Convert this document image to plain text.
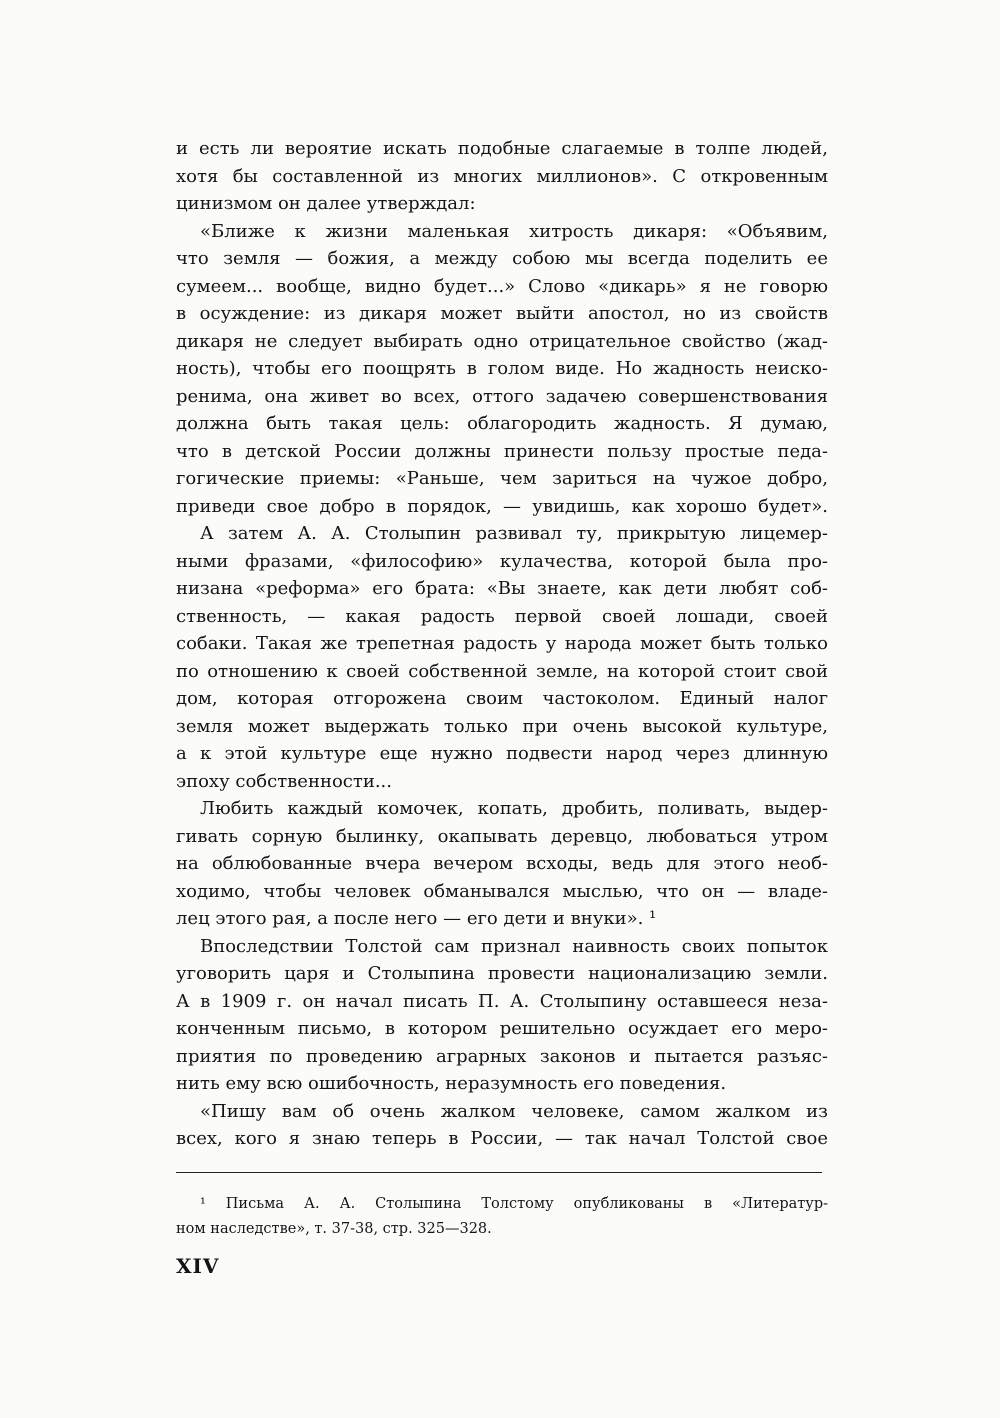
и есть ли вероятие искать подобные слагаемые в толпе людей,
хотя бы составленной из многих миллионов». С откровенным
цинизмом он далее утверждал:
«Ближе к жизни маленькая хитрость дикаря: «Объявим,
что земля — божия, а между собою мы всегда поделить ее
сумеем... вообще, видно будет...» Слово «дикарь» я не говорю
в осуждение: из дикаря может выйти апостол, но из свойств
дикаря не следует выбирать одно отрицательное свойство (жад-
ность), чтобы его поощрять в голом виде. Но жадность неиско-
ренима, она живет во всех, оттого задачею совершенствования
должна быть такая цель: облагородить жадность. Я думаю,
что в детской России должны принести пользу простые педа-
гогические приемы: «Раньше, чем зариться на чужое добро,
приведи свое добро в порядок, — увидишь, как хорошо будет».
А затем А. А. Столыпин развивал ту, прикрытую лицемер-
ными фразами, «философию» кулачества, которой была про-
низана «реформа» его брата: «Вы знаете, как дети любят соб-
ственность, — какая радость первой своей лошади, своей
собаки. Такая же трепетная радость у народа может быть только
по отношению к своей собственной земле, на которой стоит свой
дом, которая отгорожена своим частоколом. Единый налог
земля может выдержать только при очень высокой культуре,
а к этой культуре еще нужно подвести народ через длинную
эпоху собственности...
Любить каждый комочек, копать, дробить, поливать, выдер-
гивать сорную былинку, окапывать деревцо, любоваться утром
на облюбованные вчера вечером всходы, ведь для этого необ-
ходимо, чтобы человек обманывался мыслью, что он — владе-
лец этого рая, а после него — его дети и внуки». ¹
Впоследствии Толстой сам признал наивность своих попыток
уговорить царя и Столыпина провести национализацию земли.
А в 1909 г. он начал писать П. А. Столыпину оставшееся неза-
конченным письмо, в котором решительно осуждает его меро-
приятия по проведению аграрных законов и пытается разъяс-
нить ему всю ошибочность, неразумность его поведения.
«Пишу вам об очень жалком человеке, самом жалком из
всех, кого я знаю теперь в России, — так начал Толстой свое
¹ Письма А. А. Столыпина Толстому опубликованы в «Литератур-
ном наследстве», т. 37-38, стр. 325—328.
XIV
